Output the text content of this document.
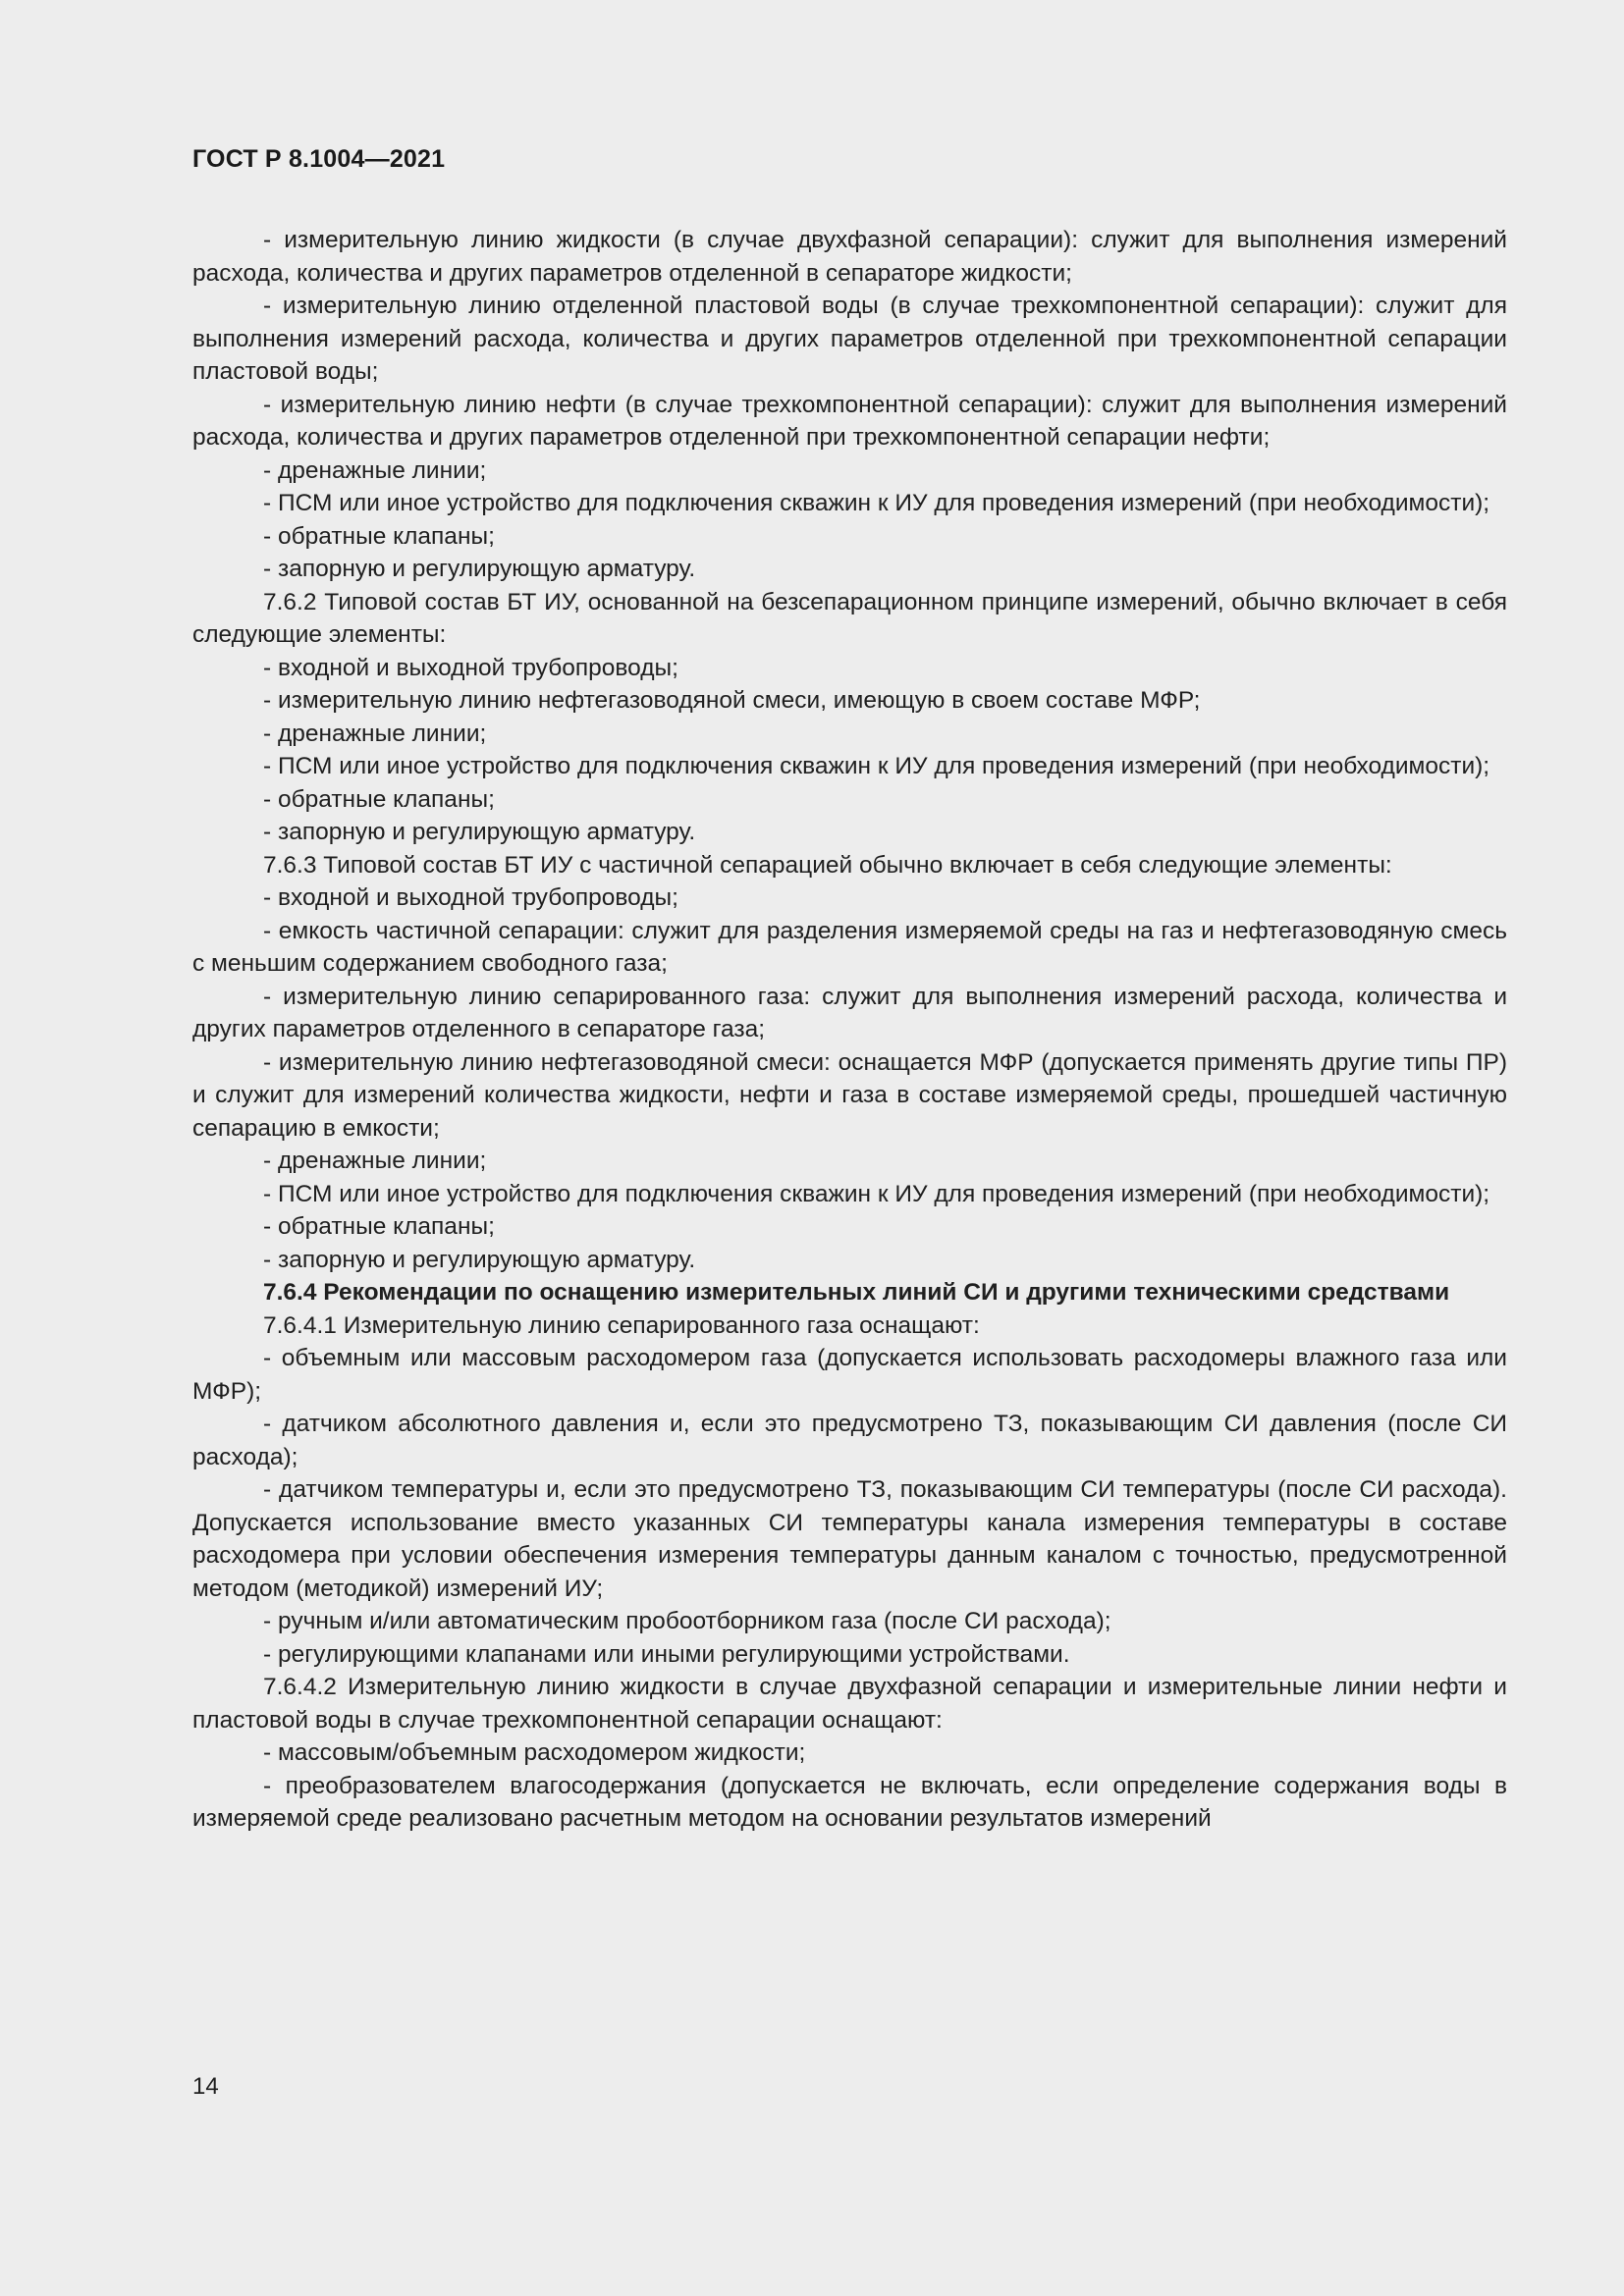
ГОСТ Р 8.1004—2021

- измерительную линию жидкости (в случае двухфазной сепарации): служит для выполнения измерений расхода, количества и других параметров отделенной в сепараторе жидкости;

- измерительную линию отделенной пластовой воды (в случае трехкомпонентной сепарации): служит для выполнения измерений расхода, количества и других параметров отделенной при трехкомпонентной сепарации пластовой воды;

- измерительную линию нефти (в случае трехкомпонентной сепарации): служит для выполнения измерений расхода, количества и других параметров отделенной при трехкомпонентной сепарации нефти;

- дренажные линии;

- ПСМ или иное устройство для подключения скважин к ИУ для проведения измерений (при необходимости);

- обратные клапаны;

- запорную и регулирующую арматуру.

7.6.2 Типовой состав БТ ИУ, основанной на безсепарационном принципе измерений, обычно включает в себя следующие элементы:

- входной и выходной трубопроводы;

- измерительную линию нефтегазоводяной смеси, имеющую в своем составе МФР;

- дренажные линии;

- ПСМ или иное устройство для подключения скважин к ИУ для проведения измерений (при необходимости);

- обратные клапаны;

- запорную и регулирующую арматуру.

7.6.3 Типовой состав БТ ИУ с частичной сепарацией обычно включает в себя следующие элементы:

- входной и выходной трубопроводы;

- емкость частичной сепарации: служит для разделения измеряемой среды на газ и нефтегазоводяную смесь с меньшим содержанием свободного газа;

- измерительную линию сепарированного газа: служит для выполнения измерений расхода, количества и других параметров отделенного в сепараторе газа;

- измерительную линию нефтегазоводяной смеси: оснащается МФР (допускается применять другие типы ПР) и служит для измерений количества жидкости, нефти и газа в составе измеряемой среды, прошедшей частичную сепарацию в емкости;

- дренажные линии;

- ПСМ или иное устройство для подключения скважин к ИУ для проведения измерений (при необходимости);

- обратные клапаны;

- запорную и регулирующую арматуру.

7.6.4 Рекомендации по оснащению измерительных линий СИ и другими техническими средствами

7.6.4.1 Измерительную линию сепарированного газа оснащают:

- объемным или массовым расходомером газа (допускается использовать расходомеры влажного газа или МФР);

- датчиком абсолютного давления и, если это предусмотрено ТЗ, показывающим СИ давления (после СИ расхода);

- датчиком температуры и, если это предусмотрено ТЗ, показывающим СИ температуры (после СИ расхода). Допускается использование вместо указанных СИ температуры канала измерения температуры в составе расходомера при условии обеспечения измерения температуры данным каналом с точностью, предусмотренной методом (методикой) измерений ИУ;

- ручным и/или автоматическим пробоотборником газа (после СИ расхода);

- регулирующими клапанами или иными регулирующими устройствами.

7.6.4.2 Измерительную линию жидкости в случае двухфазной сепарации и измерительные линии нефти и пластовой воды в случае трехкомпонентной сепарации оснащают:

- массовым/объемным расходомером жидкости;

- преобразователем влагосодержания (допускается не включать, если определение содержания воды в измеряемой среде реализовано расчетным методом на основании результатов измерений

14
